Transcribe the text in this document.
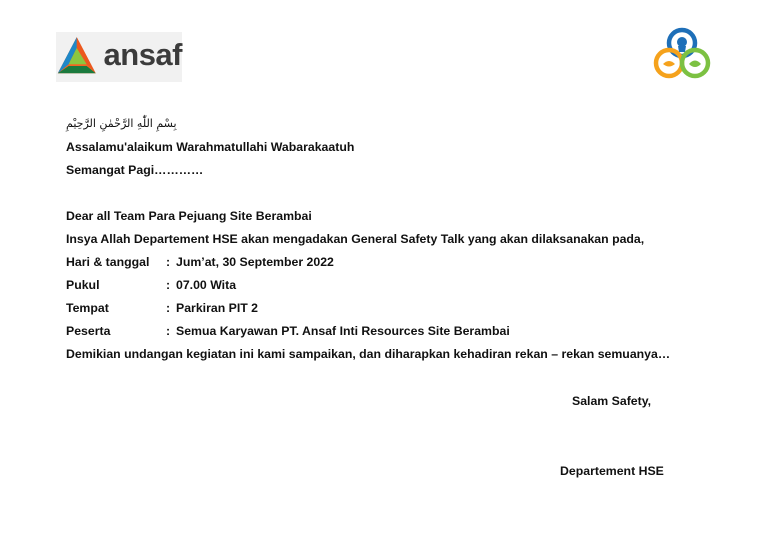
ansaf
بِسْمِ اللّٰهِ الرَّحْمٰنِ الرَّحِيْمِ
Assalamu'alaikum Warahmatullahi Wabarakaatuh
Semangat Pagi…………
Dear all Team Para Pejuang Site Berambai
Insya Allah Departement HSE akan mengadakan General Safety Talk yang akan dilaksanakan pada,
Hari & tanggal	: Jum’at, 30 September 2022
Pukul	: 07.00 Wita
Tempat	: Parkiran PIT 2
Peserta	: Semua Karyawan PT. Ansaf Inti Resources Site Berambai
Demikian undangan kegiatan ini kami sampaikan, dan diharapkan kehadiran rekan – rekan semuanya…
Salam Safety,
Departement HSE
